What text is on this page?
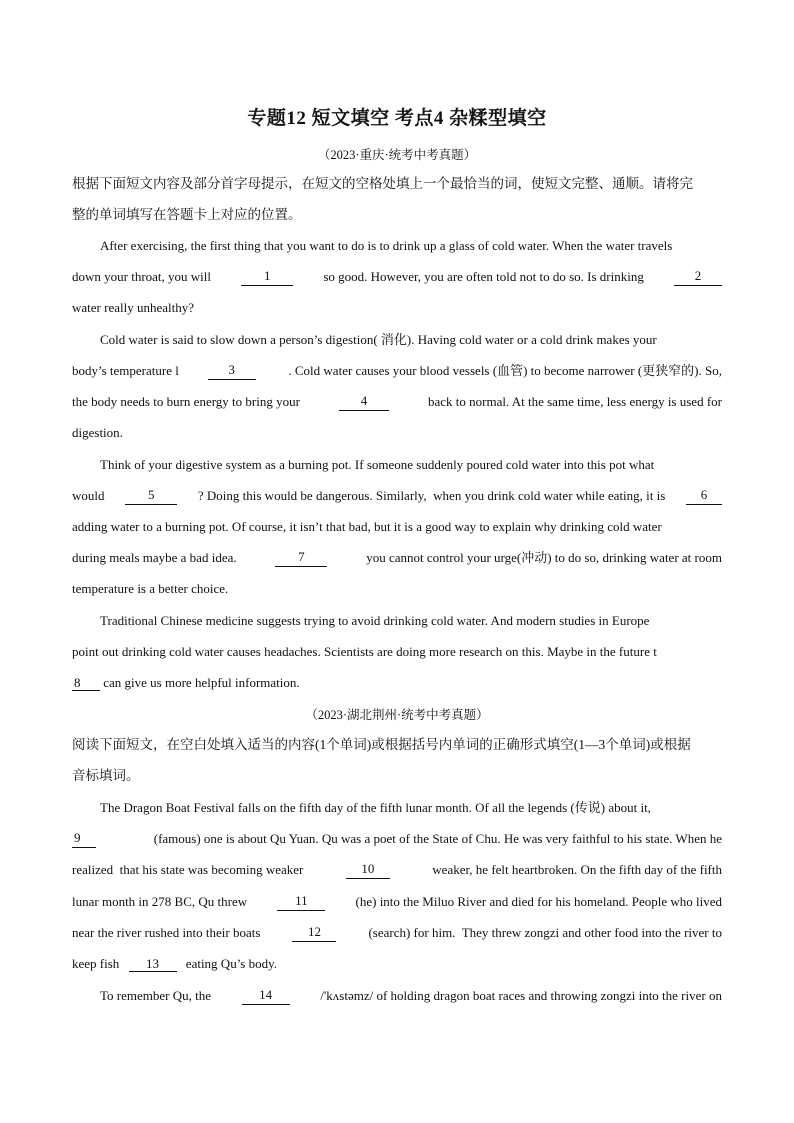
专题12 短文填空 考点4 杂糅型填空
（2023·重庆·统考中考真题）
根据下面短文内容及部分首字母提示，在短文的空格处填上一个最恰当的词，使短文完整、通顺。请将完
整的单词填写在答题卡上对应的位置。
After exercising, the first thing that you want to do is to drink up a glass of cold water. When the water travels
down your throat, you will	1	so good. However, you are often told not to do so. Is drinking	2
water really unhealthy?
Cold water is said to slow down a person’s digestion( 消化). Having cold water or a cold drink makes your
body’s temperature l	3	. Cold water causes your blood vessels (血管) to become narrower (更狭窄的). So,
the body needs to burn energy to bring your	4	back to normal. At the same time, less energy is used for
digestion.
Think of your digestive system as a burning pot. If someone suddenly poured cold water into this pot what
would	5	? Doing this would be dangerous. Similarly,  when you drink cold water while eating, it is	6
adding water to a burning pot. Of course, it isn’t that bad, but it is a good way to explain why drinking cold water
during meals maybe a bad idea.	7	you cannot control your urge(冲动) to do so, drinking water at room
temperature is a better choice.
Traditional Chinese medicine suggests trying to avoid drinking cold water. And modern studies in Europe
point out drinking cold water causes headaches. Scientists are doing more research on this. Maybe in the future t
8 can give us more helpful information.
（2023·湖北荆州·统考中考真题）
阅读下面短文，在空白处填入适当的内容(1个单词)或根据括号内单词的正确形式填空(1—3个单词)或根据
音标填词。
The Dragon Boat Festival falls on the fifth day of the fifth lunar month. Of all the legends (传说) about it,
9	(famous) one is about Qu Yuan. Qu was a poet of the State of Chu. He was very faithful to his state. When he
realized  that his state was becoming weaker	10	weaker, he felt heartbroken. On the fifth day of the fifth
lunar month in 278 BC, Qu threw	11	(he) into the Miluo River and died for his homeland. People who lived
near the river rushed into their boats	12	(search) for him.  They threw zongzi and other food into the river to
keep fish 13 eating Qu’s body.
To remember Qu, the	14	/'kʌstəmz/ of holding dragon boat races and throwing zongzi into the river on
